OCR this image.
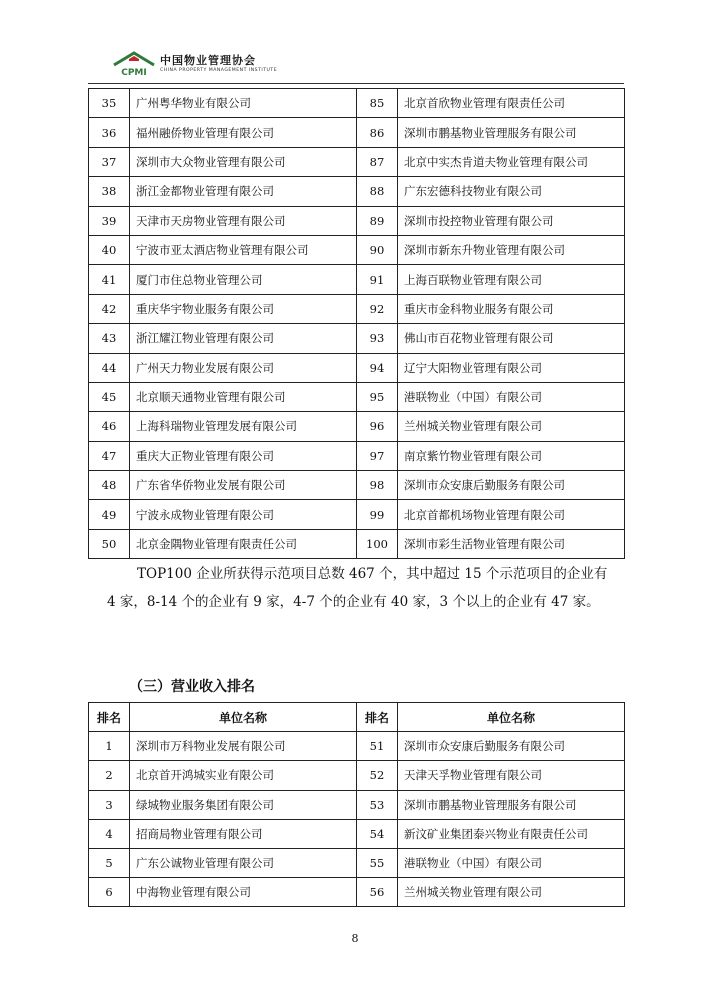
CPMI
中国物业管理协会
CHINA PROPERTY MANAGEMENT INSTITUTE
35	广州粤华物业有限公司	85	北京首欣物业管理有限责任公司
36	福州融侨物业管理有限公司	86	深圳市鹏基物业管理服务有限公司
37	深圳市大众物业管理有限公司	87	北京中实杰肯道夫物业管理有限公司
38	浙江金都物业管理有限公司	88	广东宏德科技物业有限公司
39	天津市天房物业管理有限公司	89	深圳市投控物业管理有限公司
40	宁波市亚太酒店物业管理有限公司	90	深圳市新东升物业管理有限公司
41	厦门市住总物业管理公司	91	上海百联物业管理有限公司
42	重庆华宇物业服务有限公司	92	重庆市金科物业服务有限公司
43	浙江耀江物业管理有限公司	93	佛山市百花物业管理有限公司
44	广州天力物业发展有限公司	94	辽宁大阳物业管理有限公司
45	北京顺天通物业管理有限公司	95	港联物业（中国）有限公司
46	上海科瑞物业管理发展有限公司	96	兰州城关物业管理有限公司
47	重庆大正物业管理有限公司	97	南京紫竹物业管理有限公司
48	广东省华侨物业发展有限公司	98	深圳市众安康后勤服务有限公司
49	宁波永成物业管理有限公司	99	北京首都机场物业管理有限公司
50	北京金隅物业管理有限责任公司	100	深圳市彩生活物业管理有限公司
TOP100 企业所获得示范项目总数 467 个，其中超过 15 个示范项目的企业有 4 家，8-14 个的企业有 9 家，4-7 个的企业有 40 家，3 个以上的企业有 47 家。
（三）营业收入排名
排名	单位名称	排名	单位名称
1	深圳市万科物业发展有限公司	51	深圳市众安康后勤服务有限公司
2	北京首开鸿城实业有限公司	52	天津天孚物业管理有限公司
3	绿城物业服务集团有限公司	53	深圳市鹏基物业管理服务有限公司
4	招商局物业管理有限公司	54	新汶矿业集团泰兴物业有限责任公司
5	广东公诚物业管理有限公司	55	港联物业（中国）有限公司
6	中海物业管理有限公司	56	兰州城关物业管理有限公司
8
